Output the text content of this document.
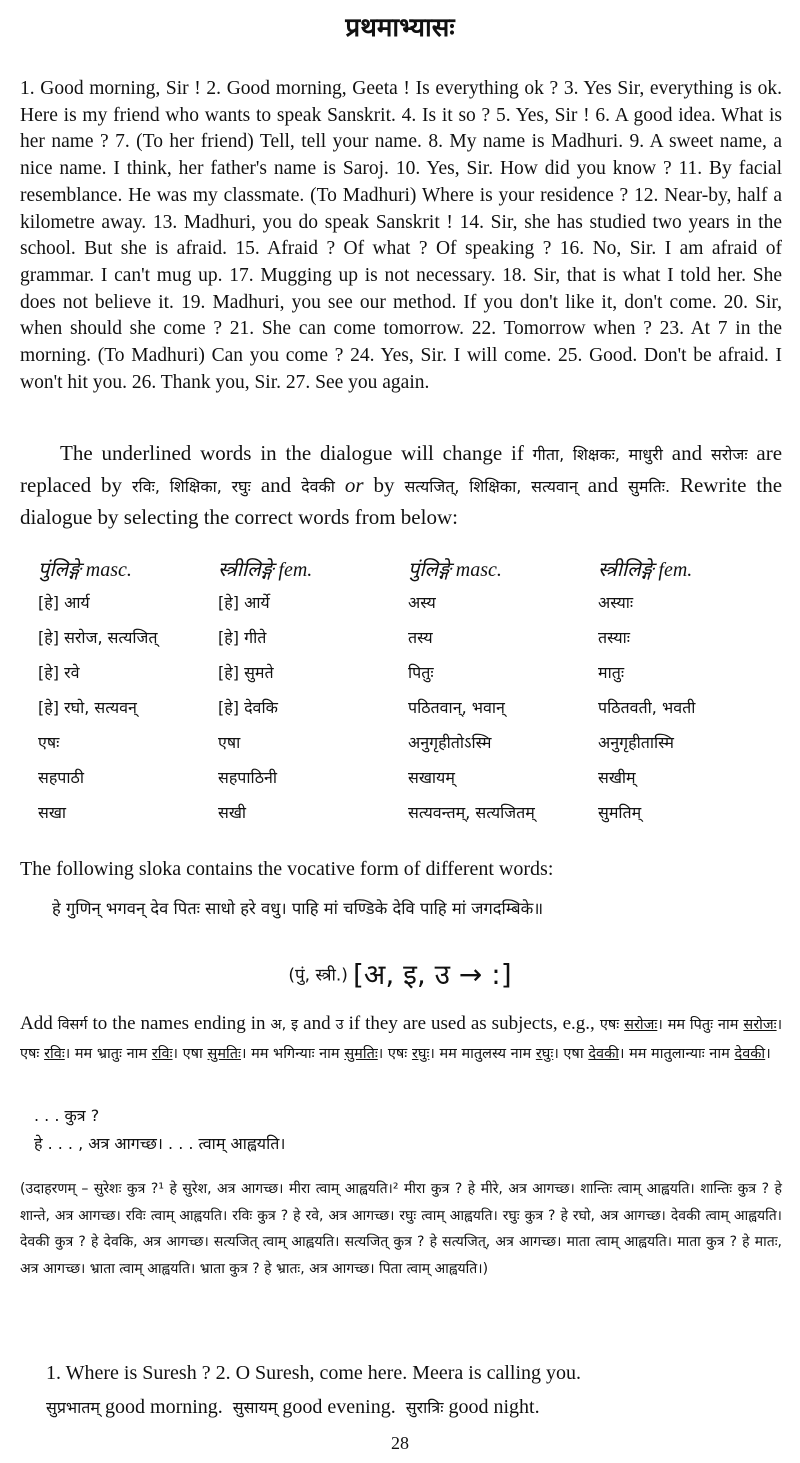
प्रथमाभ्यासः

1. Good morning, Sir ! 2. Good morning, Geeta ! Is everything ok ? 3. Yes Sir, everything is ok. Here is my friend who wants to speak Sanskrit. 4. Is it so ? 5. Yes, Sir ! 6. A good idea. What is her name ? 7. (To her friend) Tell, tell your name. 8. My name is Madhuri. 9. A sweet name, a nice name. I think, her father's name is Saroj. 10. Yes, Sir. How did you know ? 11. By facial resemblance. He was my classmate. (To Madhuri) Where is your residence ? 12. Near-by, half a kilometre away. 13. Madhuri, you do speak Sanskrit ! 14. Sir, she has studied two years in the school. But she is afraid. 15. Afraid ? Of what ? Of speaking ? 16. No, Sir. I am afraid of grammar. I can't mug up. 17. Mugging up is not necessary. 18. Sir, that is what I told her. She does not believe it. 19. Madhuri, you see our method. If you don't like it, don't come. 20. Sir, when should she come ? 21. She can come tomorrow. 22. Tomorrow when ? 23. At 7 in the morning. (To Madhuri) Can you come ? 24. Yes, Sir. I will come. 25. Good. Don't be afraid. I won't hit you. 26. Thank you, Sir. 27. See you again.

The underlined words in the dialogue will change if गीता, शिक्षकः, माधुरी and सरोजः are replaced by रविः, शिक्षिका, रघुः and देवकी or by सत्यजित्, शिक्षिका, सत्यवान् and सुमतिः. Rewrite the dialogue by selecting the correct words from below:

पुंलिङ्गे masc.	स्त्रीलिङ्गे fem.	पुंलिङ्गे masc.	स्त्रीलिङ्गे fem.
[हे] आर्य	[हे] आर्ये	अस्य	अस्याः
[हे] सरोज, सत्यजित्	[हे] गीते	तस्य	तस्याः
[हे] रवे	[हे] सुमते	पितुः	मातुः
[हे] रघो, सत्यवन्	[हे] देवकि	पठितवान्, भवान्	पठितवती, भवती
एषः	एषा	अनुगृहीतोऽस्मि	अनुगृहीतास्मि
सहपाठी	सहपाठिनी	सखायम्	सखीम्
सखा	सखी	सत्यवन्तम्, सत्यजितम्	सुमतिम्
The following sloka contains the vocative form of different words:
हे गुणिन् भगवन् देव पितः साधो हरे वधु। पाहि मां चण्डिके देवि पाहि मां जगदम्बिके॥
(पुं, स्त्री.) [अ, इ, उ → :]

Add विसर्ग to the names ending in अ, इ and उ if they are used as subjects, e.g., एषः सरोजः। मम पितुः नाम सरोजः। एषः रविः। मम भ्रातुः नाम रविः। एषा सुमतिः। मम भगिन्याः नाम सुमतिः। एषः रघुः। मम मातुलस्य नाम रघुः। एषा देवकी। मम मातुलान्याः नाम देवकी।

. . . कुत्र ?
हे . . . , अत्र आगच्छ। . . . त्वाम् आह्वयति।

(उदाहरणम् – सुरेशः कुत्र ?¹ हे सुरेश, अत्र आगच्छ। मीरा त्वाम् आह्वयति।² मीरा कुत्र ? हे मीरे, अत्र आगच्छ। शान्तिः त्वाम् आह्वयति। शान्तिः कुत्र ? हे शान्ते, अत्र आगच्छ। रविः त्वाम् आह्वयति। रविः कुत्र ? हे रवे, अत्र आगच्छ। रघुः त्वाम् आह्वयति। रघुः कुत्र ? हे रघो, अत्र आगच्छ। देवकी त्वाम् आह्वयति। देवकी कुत्र ? हे देवकि, अत्र आगच्छ। सत्यजित् त्वाम् आह्वयति। सत्यजित् कुत्र ? हे सत्यजित्, अत्र आगच्छ। माता त्वाम् आह्वयति। माता कुत्र ? हे मातः, अत्र आगच्छ। भ्राता त्वाम् आह्वयति। भ्राता कुत्र ? हे भ्रातः, अत्र आगच्छ। पिता त्वाम् आह्वयति।)

1. Where is Suresh ? 2. O Suresh, come here. Meera is calling you.
सुप्रभातम् good morning. सुसायम् good evening. सुरात्रिः good night.
28
